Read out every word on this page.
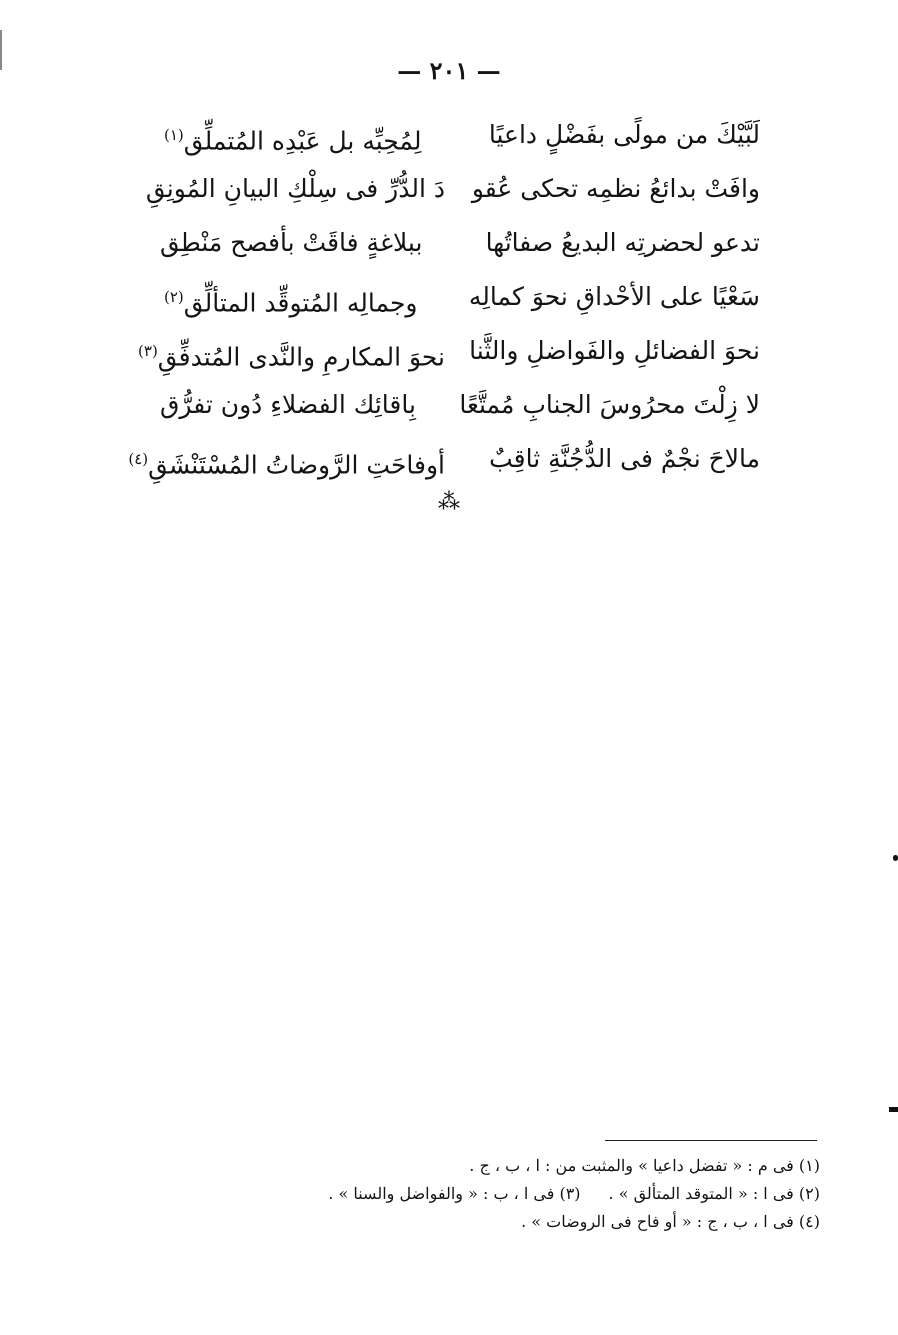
— ٢٠١ —
لَبَّيْكَ من مولًى بفَضْلٍ داعيًا
لِمُحِبِّه بل عَبْدِه المُتملِّق$^{(١)}$
وافَتْ بدائعُ نظمِه تحكى عُقو
دَ الدُّرِّ فى سِلْكِ البيانِ المُونِقِ
تدعو لحضرتِه البديعُ صفاتُها
ببلاغةٍ فاقَتْ بأفصح مَنْطِق
سَعْيًا على الأحْداقِ نحوَ كمالِه
وجمالِه المُتوقِّد المتألِّق$^{(٢)}$
نحوَ الفضائلِ والفَواضلِ والثَّنا
نحوَ المكارمِ والنَّدى المُتدفِّقِ$^{(٣)}$
لا زِلْتَ محرُوسَ الجنابِ مُمتَّعًا
بِاقائِك الفضلاءِ دُون تفرُّق
مالاحَ نجْمٌ فى الدُّجُنَّةِ ثاقِبٌ
أوفاحَتِ الرَّوضاتُ المُسْتَنْشَقِ$^{(٤)}$
⁂
(١) فى م : « تفضل داعيا » والمثبت من : ا ، ب ، ج .
(٢) فى ا : « المتوقد المتألق » .(٣) فى ا ، ب : « والفواضل والسنا » .
(٤) فى ا ، ب ، ج : « أو فاح فى الروضات » .
